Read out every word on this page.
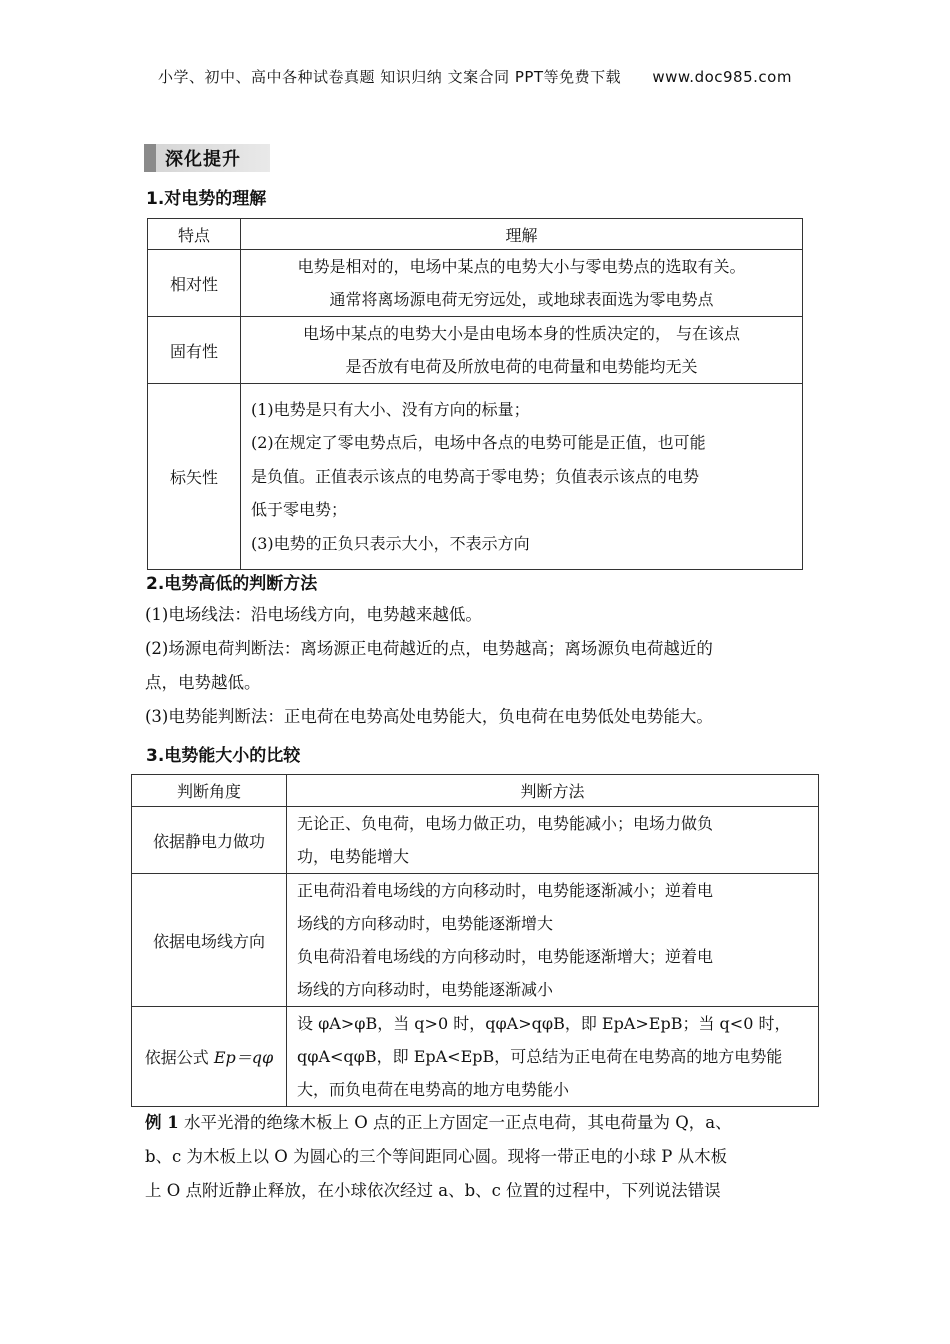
小学、初中、高中各种试卷真题 知识归纳 文案合同 PPT等免费下载 www.doc985.com
深化提升
1.对电势的理解
特点	理解
相对性	电势是相对的，电场中某点的电势大小与零电势点的选取有关。
通常将离场源电荷无穷远处，或地球表面选为零电势点

固有性	电场中某点的电势大小是由电场本身的性质决定的， 与在该点
是否放有电荷及所放电荷的电荷量和电势能均无关

标矢性	(1)电势是只有大小、没有方向的标量；
(2)在规定了零电势点后，电场中各点的电势可能是正值，也可能
是负值。正值表示该点的电势高于零电势；负值表示该点的电势
低于零电势；
(3)电势的正负只表示大小，不表示方向
2.电势高低的判断方法
(1)电场线法：沿电场线方向，电势越来越低。
(2)场源电荷判断法：离场源正电荷越近的点，电势越高；离场源负电荷越近的
点，电势越低。
(3)电势能判断法：正电荷在电势高处电势能大，负电荷在电势低处电势能大。
3.电势能大小的比较
判断角度	判断方法
依据静电力做功	无论正、负电荷，电场力做正功，电势能减小；电场力做负
功，电势能增大

依据电场线方向	正电荷沿着电场线的方向移动时，电势能逐渐减小；逆着电
场线的方向移动时，电势能逐渐增大
负电荷沿着电场线的方向移动时，电势能逐渐增大；逆着电
场线的方向移动时，电势能逐渐减小

依据公式 Ep＝qφ	设 φA>φB，当 q>0 时，qφA>qφB，即 EpA>EpB；当 q<0 时，
qφA<qφB，即 EpA<EpB，可总结为正电荷在电势高的地方电势能
大，而负电荷在电势高的地方电势能小
例 1 水平光滑的绝缘木板上 O 点的正上方固定一正点电荷，其电荷量为 Q，a、
b、c 为木板上以 O 为圆心的三个等间距同心圆。现将一带正电的小球 P 从木板
上 O 点附近静止释放，在小球依次经过 a、b、c 位置的过程中，下列说法错误
